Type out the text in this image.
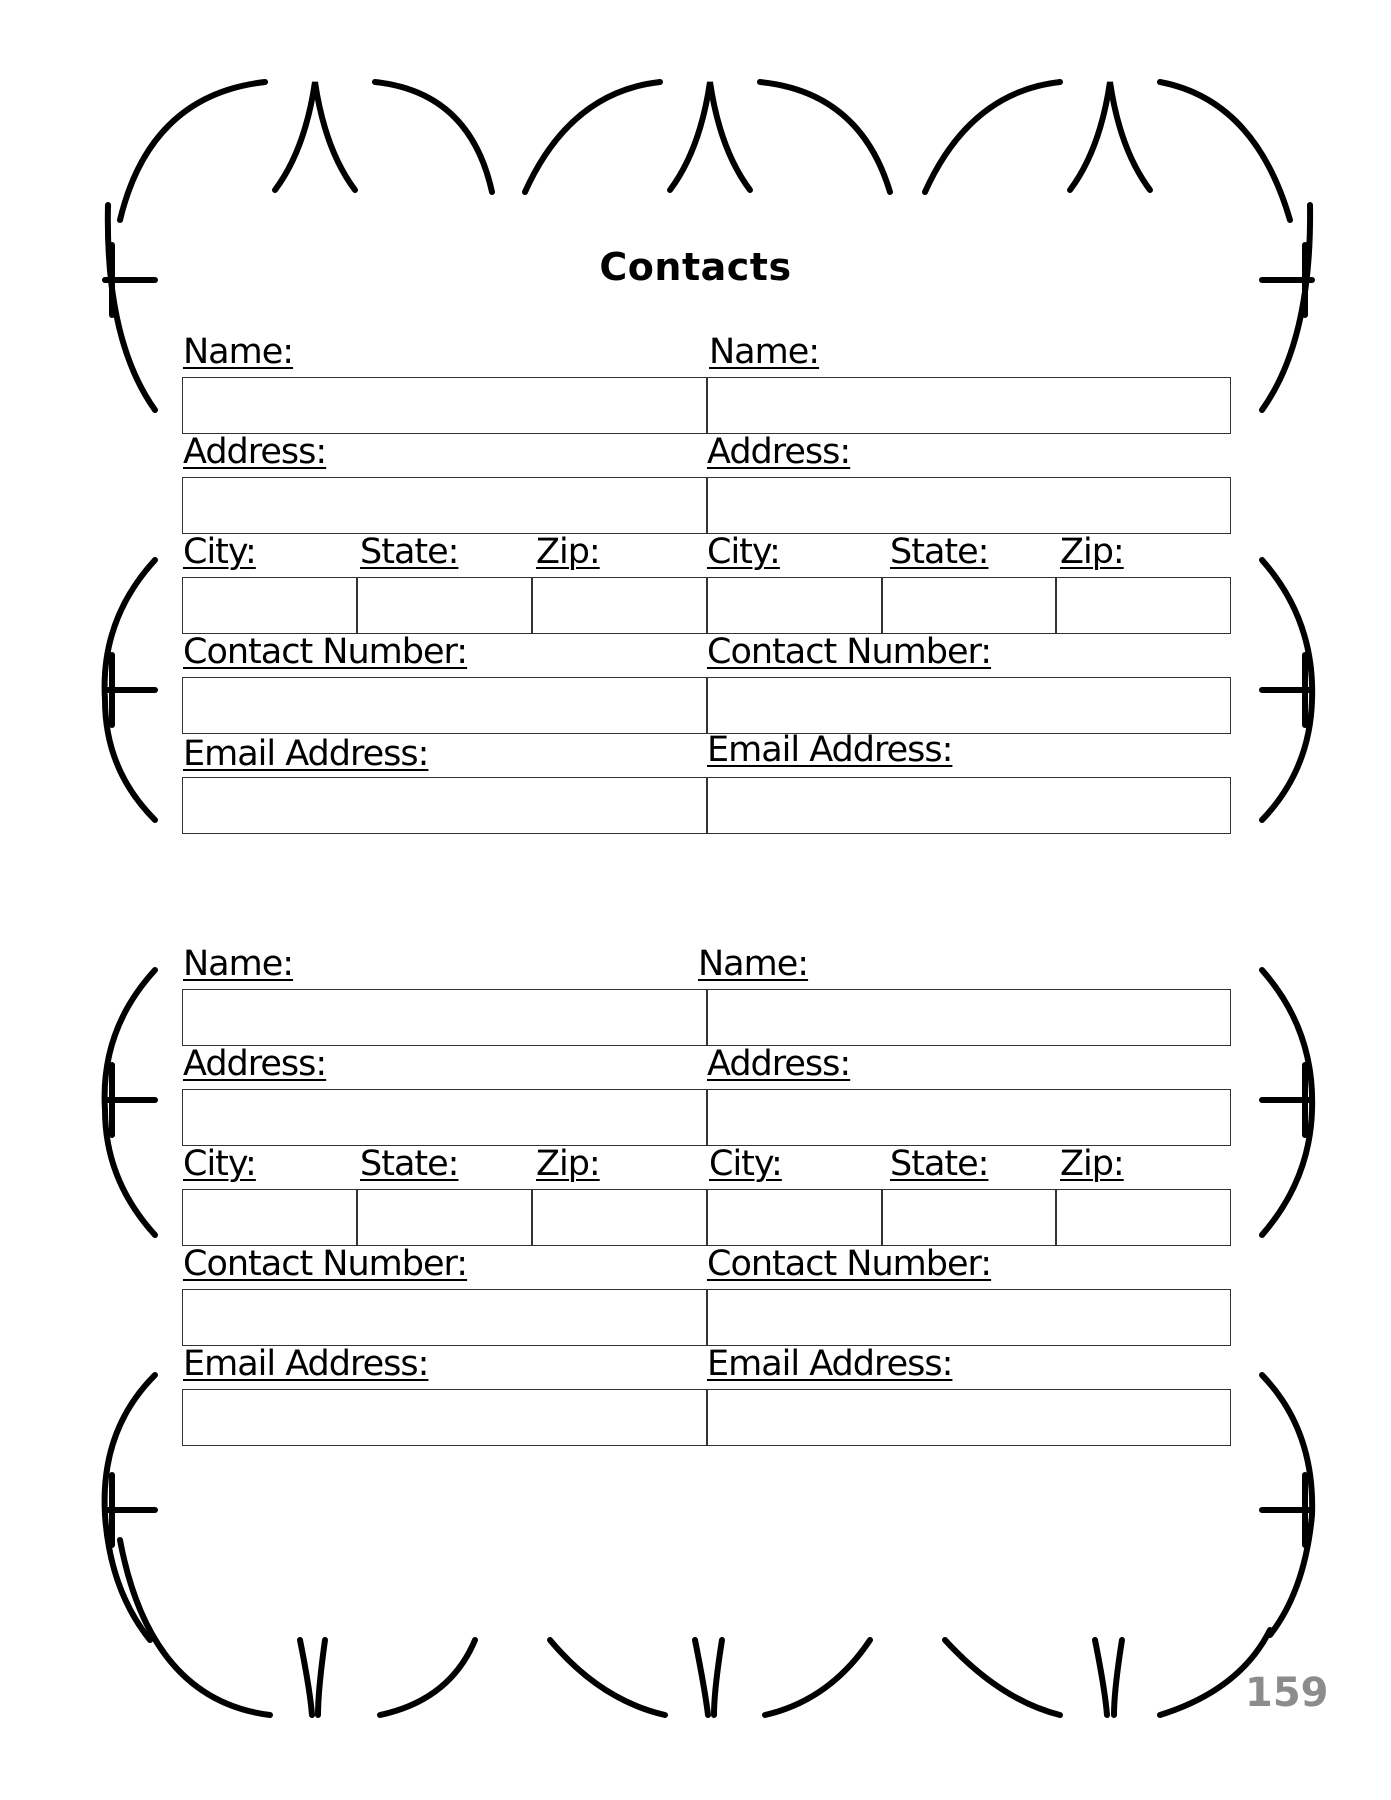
Contacts
Name:	Name:
Address:	Address:
City:	State: Zip:	City:	State: Zip:
Contact Number:	Contact Number:
Email Address:	Email Address:
Name:	Name:
Address:	Address:
City:	State: Zip:	City:	State: Zip:
Contact Number:	Contact Number:
Email Address:	Email Address:
159
